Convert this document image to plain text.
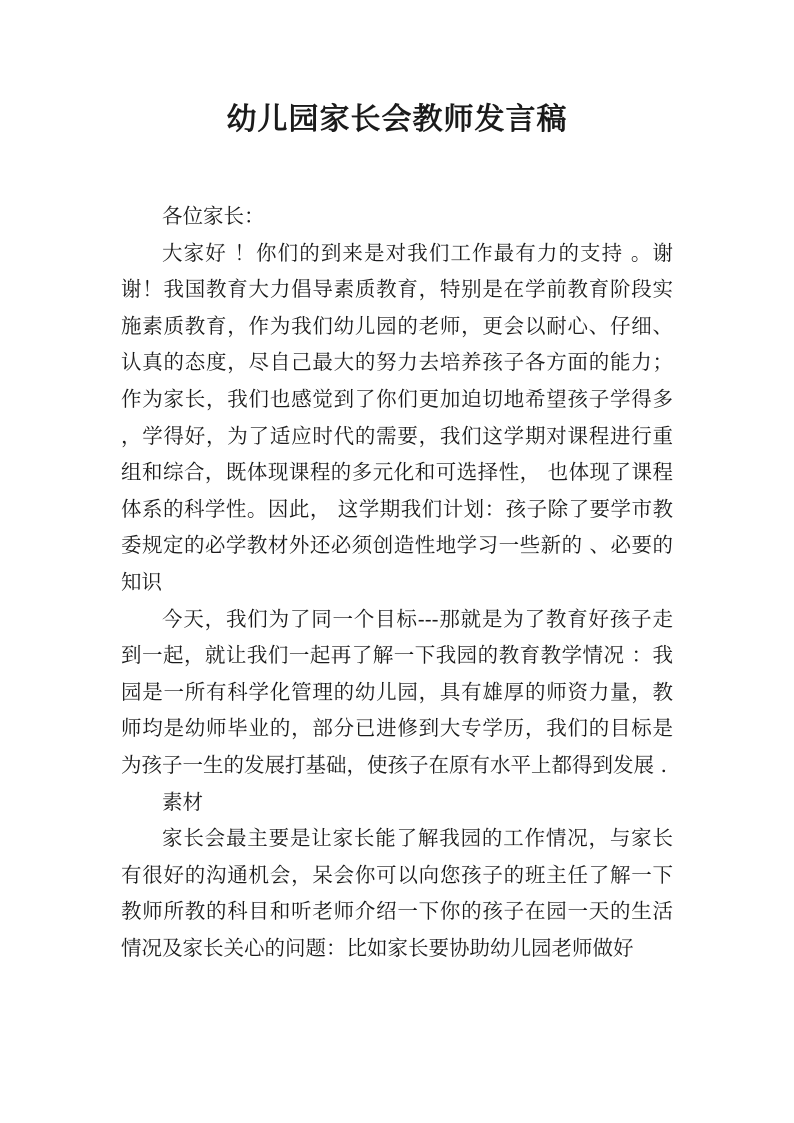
幼儿园家长会教师发言稿

各位家长：

大家好 ！你们的到来是对我们工作最有力的支持 。谢谢！我国教育大力倡导素质教育，特别是在学前教育阶段实施素质教育，作为我们幼儿园的老师，更会以耐心、仔细、认真的态度，尽自己最大的努力去培养孩子各方面的能力；作为家长，我们也感觉到了你们更加迫切地希望孩子学得多 ，学得好，为了适应时代的需要，我们这学期对课程进行重组和综合，既体现课程的多元化和可选择性， 也体现了课程体系的科学性。因此， 这学期我们计划：孩子除了要学市教委规定的必学教材外还必须创造性地学习一些新的 、必要的知识

今天，我们为了同一个目标---那就是为了教育好孩子走到一起，就让我们一起再了解一下我园的教育教学情况 ：我园是一所有科学化管理的幼儿园，具有雄厚的师资力量，教师均是幼师毕业的，部分已进修到大专学历，我们的目标是为孩子一生的发展打基础，使孩子在原有水平上都得到发展 .

素材

家长会最主要是让家长能了解我园的工作情况，与家长有很好的沟通机会，呆会你可以向您孩子的班主任了解一下教师所教的科目和听老师介绍一下你的孩子在园一天的生活情况及家长关心的问题：比如家长要协助幼儿园老师做好
